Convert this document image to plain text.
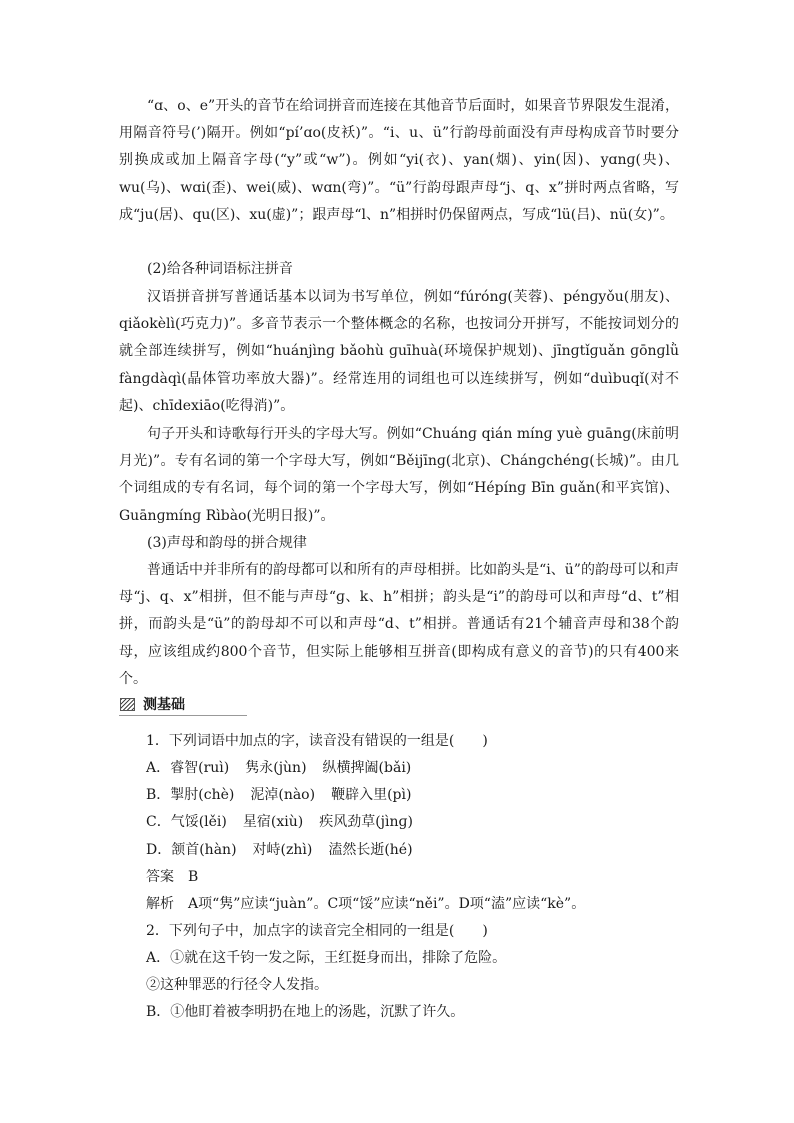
“ɑ、o、e”开头的音节在给词拼音而连接在其他音节后面时，如果音节界限发生混淆，用隔音符号(’)隔开。例如“pí’ɑo(皮袄)”。“i、u、ü”行韵母前面没有声母构成音节时要分别换成或加上隔音字母(“y”或“w”)。例如“yi(衣)、yan(烟)、yin(因)、yɑnɡ(央)、wu(乌)、wɑi(歪)、wei(威)、wɑn(弯)”。“ü”行韵母跟声母“j、q、x”拼时两点省略，写成“ju(居)、qu(区)、xu(虚)”；跟声母“l、n”相拼时仍保留两点，写成“lü(吕)、nü(女)”。

(2)给各种词语标注拼音

汉语拼音拼写普通话基本以词为书写单位，例如“fúrónɡ(芙蓉)、pénɡyǒu(朋友)、qiǎokèlì(巧克力)”。多音节表示一个整体概念的名称，也按词分开拼写，不能按词划分的就全部连续拼写，例如“huánjìnɡ bǎohù ɡuīhuà(环境保护规划)、jīnɡtǐɡuǎn ɡōnɡlǜ fànɡdàqì(晶体管功率放大器)”。经常连用的词组也可以连续拼写，例如“duìbuqǐ(对不起)、chīdexiāo(吃得消)”。

句子开头和诗歌每行开头的字母大写。例如“Chuánɡ qián mínɡ yuè ɡuānɡ(床前明月光)”。专有名词的第一个字母大写，例如“Běijīnɡ(北京)、Chánɡchénɡ(长城)”。由几个词组成的专有名词，每个词的第一个字母大写，例如“Hépínɡ Bīn ɡuǎn(和平宾馆)、Guānɡmínɡ Rìbào(光明日报)”。

(3)声母和韵母的拼合规律

普通话中并非所有的韵母都可以和所有的声母相拼。比如韵头是“i、ü”的韵母可以和声母“j、q、x”相拼，但不能与声母“ɡ、k、h”相拼；韵头是“i”的韵母可以和声母“d、t”相拼，而韵头是“ü”的韵母却不可以和声母“d、t”相拼。普通话有21个辅音声母和38个韵母，应该组成约800个音节，但实际上能够相互拼音(即构成有意义的音节)的只有400来个。

测基础

1．下列词语中加点的字，读音没有错误的一组是(　　)

A．睿智(ruì) 隽永(jùn) 纵横捭阖(bǎi)

B．掣肘(chè) 泥淖(nào) 鞭辟入里(pì)

C．气馁(lěi) 星宿(xiù) 疾风劲草(jìnɡ)

D．颔首(hàn) 对峙(zhì) 溘然长逝(hé)

答案　B

解析　A项“隽”应读“juàn”。C项“馁”应读“něi”。D项“溘”应读“kè”。

2．下列句子中，加点字的读音完全相同的一组是(　　)

A．①就在这千钧一发之际，王红挺身而出，排除了危险。

②这种罪恶的行径令人发指。

B．①他盯着被李明扔在地上的汤匙，沉默了许久。
